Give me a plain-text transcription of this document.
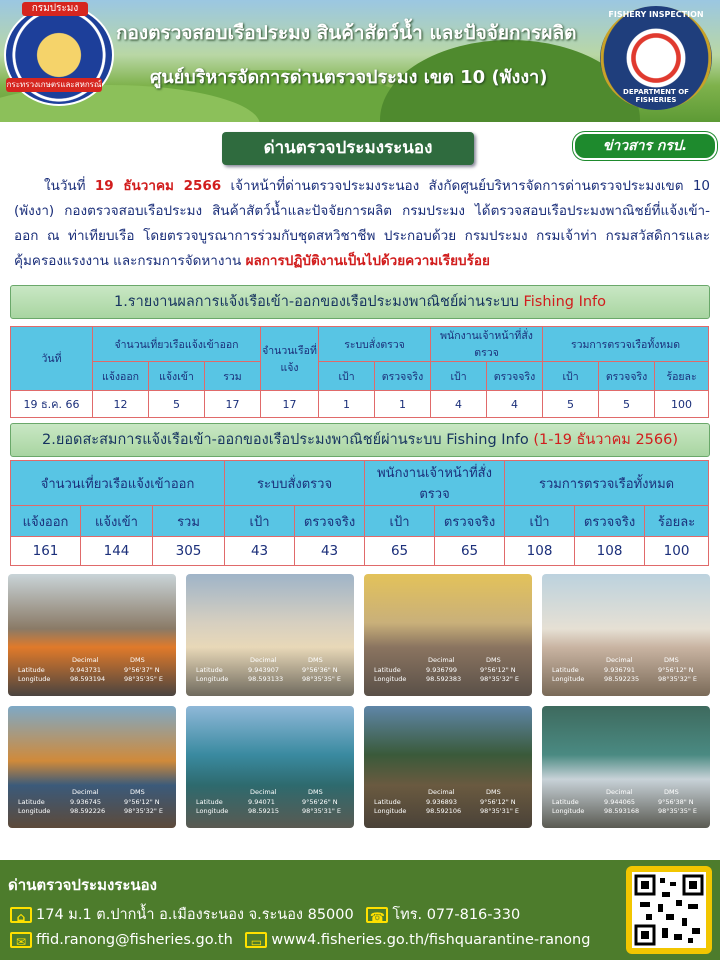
กรมประมง
กระทรวงเกษตรและสหกรณ์
กองตรวจสอบเรือประมง สินค้าสัตว์น้ำ และปัจจัยการผลิต
ศูนย์บริหารจัดการด่านตรวจประมง เขต 10 (พังงา)
FISHERY INSPECTION
DEPARTMENT OF FISHERIES
ด่านตรวจประมงระนอง	ข่าวสาร กรป.
ในวันที่ 19 ธันวาคม 2566 เจ้าหน้าที่ด่านตรวจประมงระนอง สังกัดศูนย์บริหารจัดการด่านตรวจประมงเขต 10 (พังงา) กองตรวจสอบเรือประมง สินค้าสัตว์น้ำและปัจจัยการผลิต กรมประมง ได้ตรวจสอบเรือประมงพาณิชย์ที่แจ้งเข้า-ออก ณ ท่าเทียบเรือ โดยตรวจบูรณาการร่วมกับชุดสหวิชาชีพ ประกอบด้วย กรมประมง กรมเจ้าท่า กรมสวัสดิการและคุ้มครองแรงงาน และกรมการจัดหางาน ผลการปฏิบัติงานเป็นไปด้วยความเรียบร้อย
1.รายงานผลการแจ้งเรือเข้า-ออกของเรือประมงพาณิชย์ผ่านระบบ Fishing Info
วันที่	จำนวนเที่ยวเรือแจ้งเข้าออก			จำนวนเรือที่แจ้ง	ระบบสั่งตรวจ		พนักงานเจ้าหน้าที่สั่งตรวจ		รวมการตรวจเรือทั้งหมด		
	แจ้งออก	แจ้งเข้า	รวม		เป้า	ตรวจจริง	เป้า	ตรวจจริง	เป้า	ตรวจจริง	ร้อยละ
19 ธ.ค. 66	12	5	17	17	1	1	4	4	5	5	100
2.ยอดสะสมการแจ้งเรือเข้า-ออกของเรือประมงพาณิชย์ผ่านระบบ Fishing Info (1-19 ธันวาคม 2566)
จำนวนเที่ยวเรือแจ้งเข้าออก			ระบบสั่งตรวจ		พนักงานเจ้าหน้าที่สั่งตรวจ		รวมการตรวจเรือทั้งหมด		
แจ้งออก	แจ้งเข้า	รวม	เป้า	ตรวจจริง	เป้า	ตรวจจริง	เป้า	ตรวจจริง	ร้อยละ
161	144	305	43	43	65	65	108	108	100
Decimal	DMS
Latitude	9.943731	9°56'37" N
Longitude	98.593194	98°35'35" E
Decimal	DMS
Latitude	9.943907	9°56'36" N
Longitude	98.593133	98°35'35" E
Decimal	DMS
Latitude	9.936799	9°56'12" N
Longitude	98.592383	98°35'32" E
Decimal	DMS
Latitude	9.936791	9°56'12" N
Longitude	98.592235	98°35'32" E
Decimal	DMS
Latitude	9.936745	9°56'12" N
Longitude	98.592226	98°35'32" E
Decimal	DMS
Latitude	9.94071	9°56'26" N
Longitude	98.59215	98°35'31" E
Decimal	DMS
Latitude	9.936893	9°56'12" N
Longitude	98.592106	98°35'31" E
Decimal	DMS
Latitude	9.944065	9°56'38" N
Longitude	98.593168	98°35'35" E
ด่านตรวจประมงระนอง
⌂ 174 ม.1 ต.ปากน้ำ อ.เมืองระนอง จ.ระนอง 85000 ☎ โทร. 077-816-330
✉ ffid.ranong@fisheries.go.th ▭ www4.fisheries.go.th/fishquarantine-ranong
